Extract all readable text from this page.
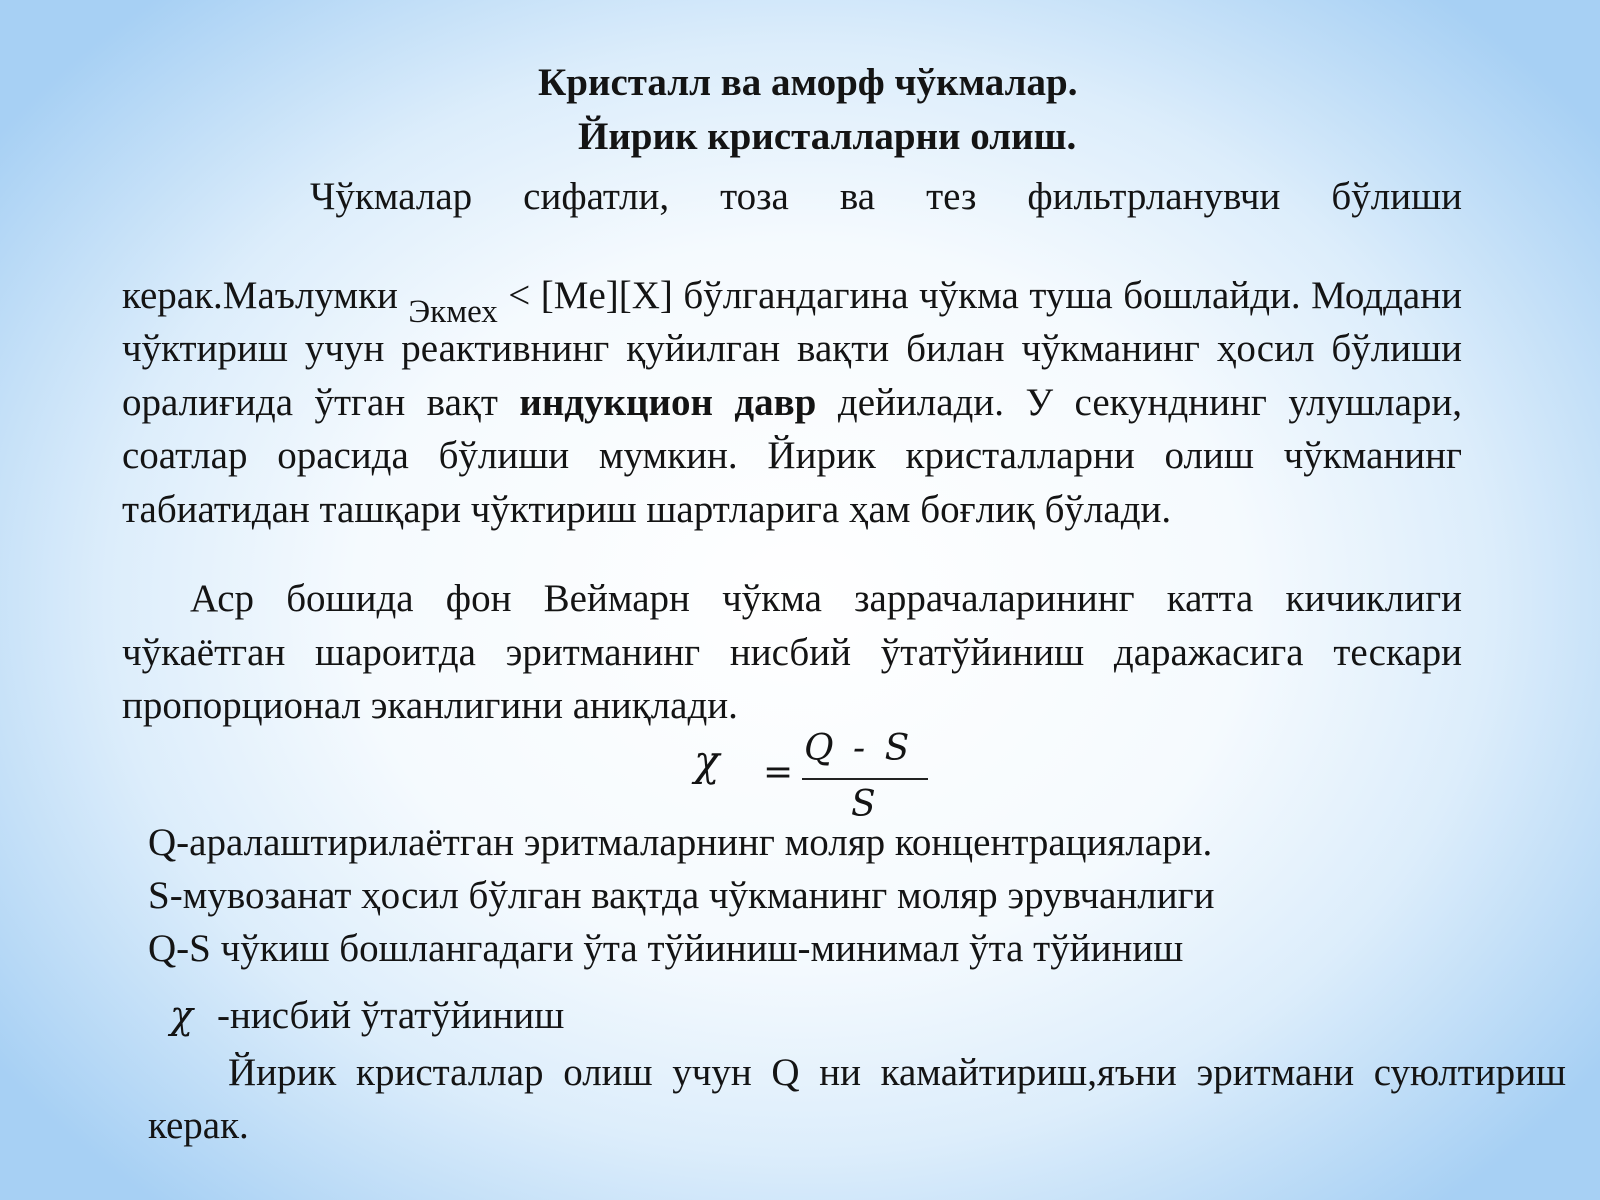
Кристалл ва аморф чўкмалар.
Йирик кристалларни олиш.
Чўкмалар сифатли, тоза ва тез фильтрланувчи бўлиши керак.Маълумки $_{Экмех}$ < [Me][X] бўлгандагина чўкма туша бошлайди. Моддани чўктириш учун реактивнинг қуйилган вақти билан чўкманинг ҳосил бўлиши оралиғида ўтган вақт индукцион давр дейилади. У секунднинг улушлари, соатлар орасида бўлиши мумкин. Йирик кристалларни олиш чўкманинг табиатидан ташқари чўктириш шартларига ҳам боғлиқ бўлади.
Аср бошида фон Веймарн чўкма заррачаларининг катта кичиклиги чўкаётган шароитда эритманинг нисбий ўтатўйиниш даражасига тескари пропорционал эканлигини аниқлади.
χ =
Q - S
S
Q-аралаштирилаётган эритмаларнинг моляр концентрациялари.
S-мувозанат ҳосил бўлган вақтда чўкманинг моляр эрувчанлиги
Q-S чўкиш бошлангадаги ўта тўйиниш-минимал ўта тўйиниш
χ -нисбий ўтатўйиниш
Йирик кристаллар олиш учун Q ни камайтириш,яъни эритмани суюлтириш керак.
